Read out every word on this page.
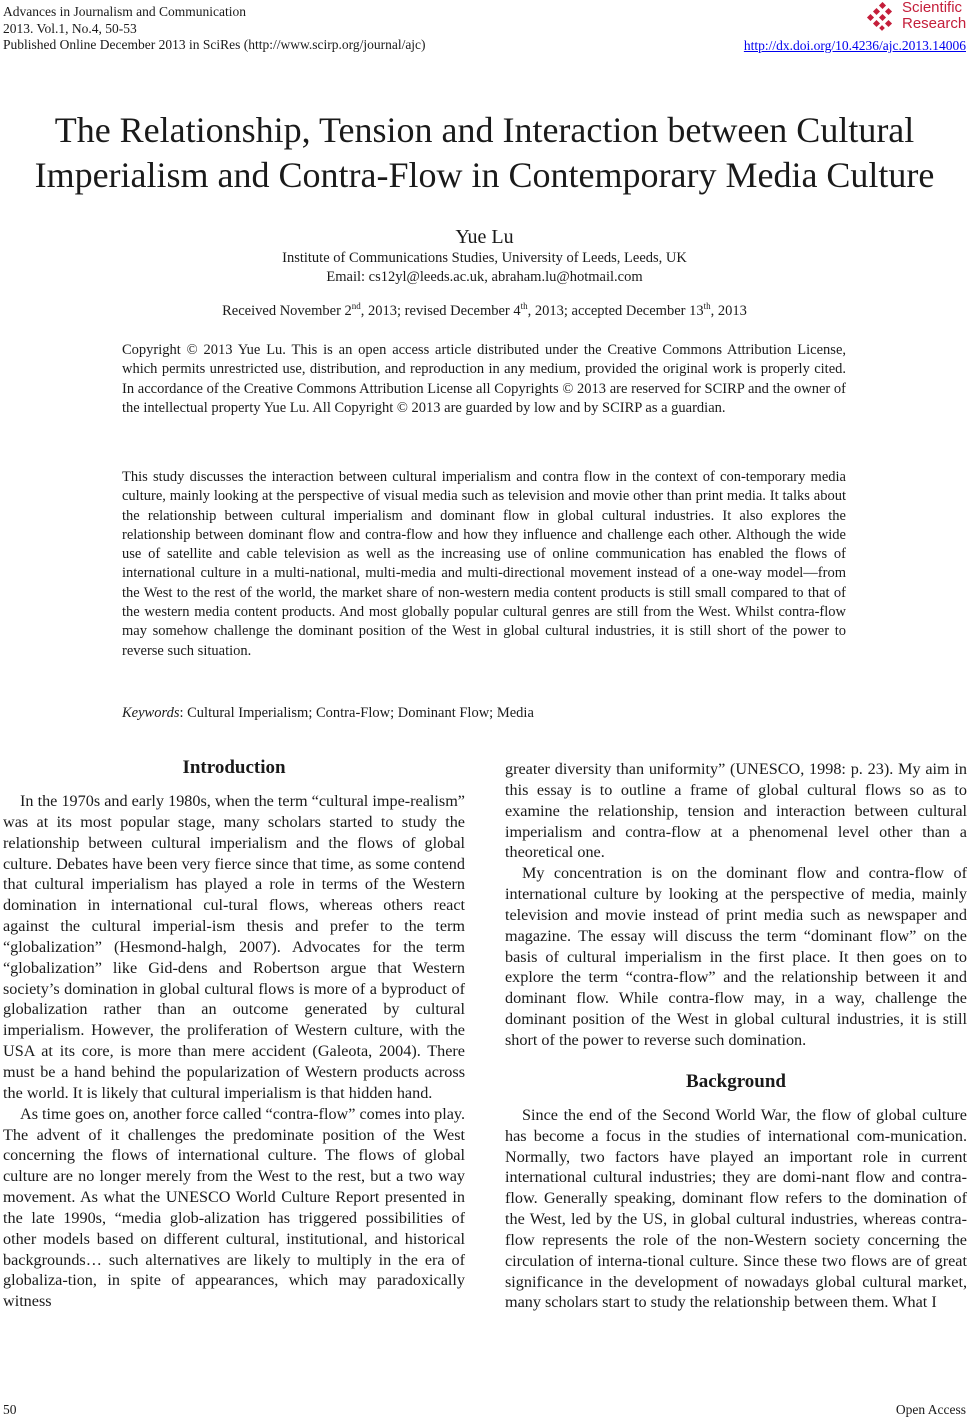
Advances in Journalism and Communication
2013. Vol.1, No.4, 50-53
Published Online December 2013 in SciRes (http://www.scirp.org/journal/ajc)
Scientific
Research
http://dx.doi.org/10.4236/ajc.2013.14006
The Relationship, Tension and Interaction between Cultural
Imperialism and Contra-Flow in Contemporary Media Culture
Yue Lu
Institute of Communications Studies, University of Leeds, Leeds, UK
Email: cs12yl@leeds.ac.uk, abraham.lu@hotmail.com
Received November 2nd, 2013; revised December 4th, 2013; accepted December 13th, 2013
Copyright © 2013 Yue Lu. This is an open access article distributed under the Creative Commons Attribution License, which permits unrestricted use, distribution, and reproduction in any medium, provided the original work is properly cited. In accordance of the Creative Commons Attribution License all Copyrights © 2013 are reserved for SCIRP and the owner of the intellectual property Yue Lu. All Copyright © 2013 are guarded by low and by SCIRP as a guardian.
This study discusses the interaction between cultural imperialism and contra flow in the context of con-temporary media culture, mainly looking at the perspective of visual media such as television and movie other than print media. It talks about the relationship between cultural imperialism and dominant flow in global cultural industries. It also explores the relationship between dominant flow and contra-flow and how they influence and challenge each other. Although the wide use of satellite and cable television as well as the increasing use of online communication has enabled the flows of international culture in a multi-national, multi-media and multi-directional movement instead of a one-way model—from the West to the rest of the world, the market share of non-western media content products is still small compared to that of the western media content products. And most globally popular cultural genres are still from the West. Whilst contra-flow may somehow challenge the dominant position of the West in global cultural industries, it is still short of the power to reverse such situation.
Keywords: Cultural Imperialism; Contra-Flow; Dominant Flow; Media
Introduction

In the 1970s and early 1980s, when the term “cultural impe-realism” was at its most popular stage, many scholars started to study the relationship between cultural imperialism and the flows of global culture. Debates have been very fierce since that time, as some contend that cultural imperialism has played a role in terms of the Western domination in international cul-tural flows, whereas others react against the cultural imperial-ism thesis and prefer to the term “globalization” (Hesmond-halgh, 2007). Advocates for the term “globalization” like Gid-dens and Robertson argue that Western society’s domination in global cultural flows is more of a byproduct of globalization rather than an outcome generated by cultural imperialism. However, the proliferation of Western culture, with the USA at its core, is more than mere accident (Galeota, 2004). There must be a hand behind the popularization of Western products across the world. It is likely that cultural imperialism is that hidden hand.

As time goes on, another force called “contra-flow” comes into play. The advent of it challenges the predominate position of the West concerning the flows of international culture. The flows of global culture are no longer merely from the West to the rest, but a two way movement. As what the UNESCO World Culture Report presented in the late 1990s, “media glob-alization has triggered possibilities of other models based on different cultural, institutional, and historical backgrounds… such alternatives are likely to multiply in the era of globaliza-tion, in spite of appearances, which may paradoxically witness

greater diversity than uniformity” (UNESCO, 1998: p. 23). My aim in this essay is to outline a frame of global cultural flows so as to examine the relationship, tension and interaction between cultural imperialism and contra-flow at a phenomenal level other than a theoretical one.

My concentration is on the dominant flow and contra-flow of international culture by looking at the perspective of media, mainly television and movie instead of print media such as newspaper and magazine. The essay will discuss the term “dominant flow” on the basis of cultural imperialism in the first place. It then goes on to explore the term “contra-flow” and the relationship between it and dominant flow. While contra-flow may, in a way, challenge the dominant position of the West in global cultural industries, it is still short of the power to reverse such domination.

Background

Since the end of the Second World War, the flow of global culture has become a focus in the studies of international com-munication. Normally, two factors have played an important role in current international cultural industries; they are domi-nant flow and contra-flow. Generally speaking, dominant flow refers to the domination of the West, led by the US, in global cultural industries, whereas contra-flow represents the role of the non-Western society concerning the circulation of interna-tional culture. Since these two flows are of great significance in the development of nowadays global cultural market, many scholars start to study the relationship between them. What I

50	Open Access
